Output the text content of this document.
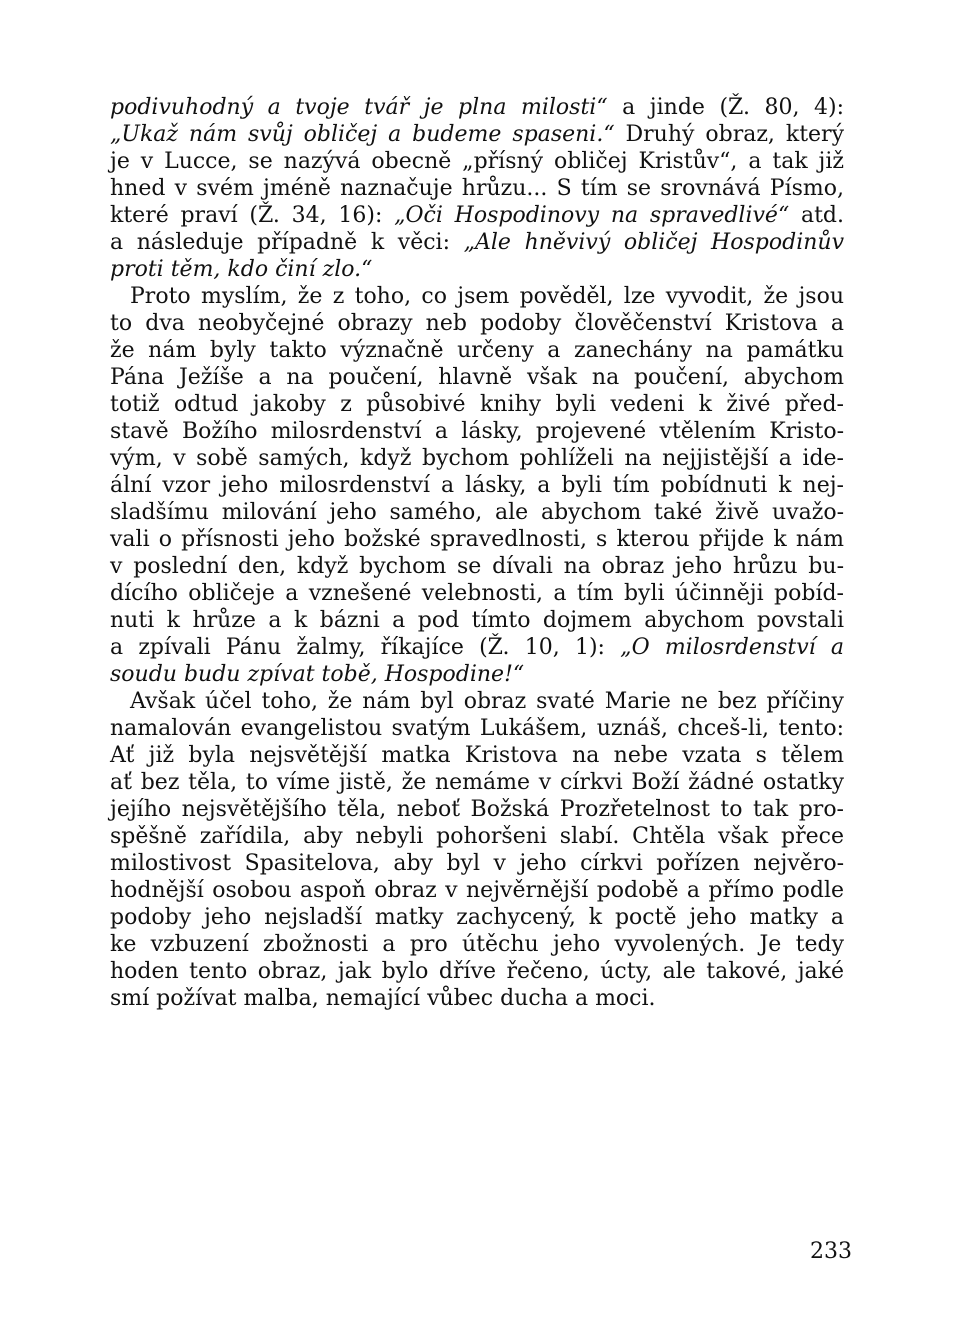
podivuhodný a tvoje tvář je plna milosti“ a jinde (Ž. 80, 4):
„Ukaž nám svůj obličej a budeme spaseni.“ Druhý obraz, který
je v Lucce, se nazývá obecně „přísný obličej Kristův“, a tak již
hned v svém jméně naznačuje hrůzu... S tím se srovnává Písmo,
které praví (Ž. 34, 16): „Oči Hospodinovy na spravedlivé“ atd.
a následuje případně k věci: „Ale hněvivý obličej Hospodinův
proti těm, kdo činí zlo.“
Proto myslím, že z toho, co jsem pověděl, lze vyvodit, že jsou
to dva neobyčejné obrazy neb podoby člověčenství Kristova a
že nám byly takto význačně určeny a zanechány na památku
Pána Ježíše a na poučení, hlavně však na poučení, abychom
totiž odtud jakoby z působivé knihy byli vedeni k živé před-
stavě Božího milosrdenství a lásky, projevené vtělením Kristo-
vým, v sobě samých, když bychom pohlíželi na nejjistější a ide-
ální vzor jeho milosrdenství a lásky, a byli tím pobídnuti k nej-
sladšímu milování jeho samého, ale abychom také živě uvažo-
vali o přísnosti jeho božské spravedlnosti, s kterou přijde k nám
v poslední den, když bychom se dívali na obraz jeho hrůzu bu-
dícího obličeje a vznešené velebnosti, a tím byli účinněji pobíd-
nuti k hrůze a k bázni a pod tímto dojmem abychom povstali
a zpívali Pánu žalmy, říkajíce (Ž. 10, 1): „O milosrdenství a
soudu budu zpívat tobě, Hospodine!“
Avšak účel toho, že nám byl obraz svaté Marie ne bez příčiny
namalován evangelistou svatým Lukášem, uznáš, chceš-li, tento:
Ať již byla nejsvětější matka Kristova na nebe vzata s tělem
ať bez těla, to víme jistě, že nemáme v církvi Boží žádné ostatky
jejího nejsvětějšího těla, neboť Božská Prozřetelnost to tak pro-
spěšně zařídila, aby nebyli pohoršeni slabí. Chtěla však přece
milostivost Spasitelova, aby byl v jeho církvi pořízen nejvěro-
hodnější osobou aspoň obraz v nejvěrnější podobě a přímo podle
podoby jeho nejsladší matky zachycený, k poctě jeho matky a
ke vzbuzení zbožnosti a pro útěchu jeho vyvolených. Je tedy
hoden tento obraz, jak bylo dříve řečeno, úcty, ale takové, jaké
smí požívat malba, nemající vůbec ducha a moci.
233
